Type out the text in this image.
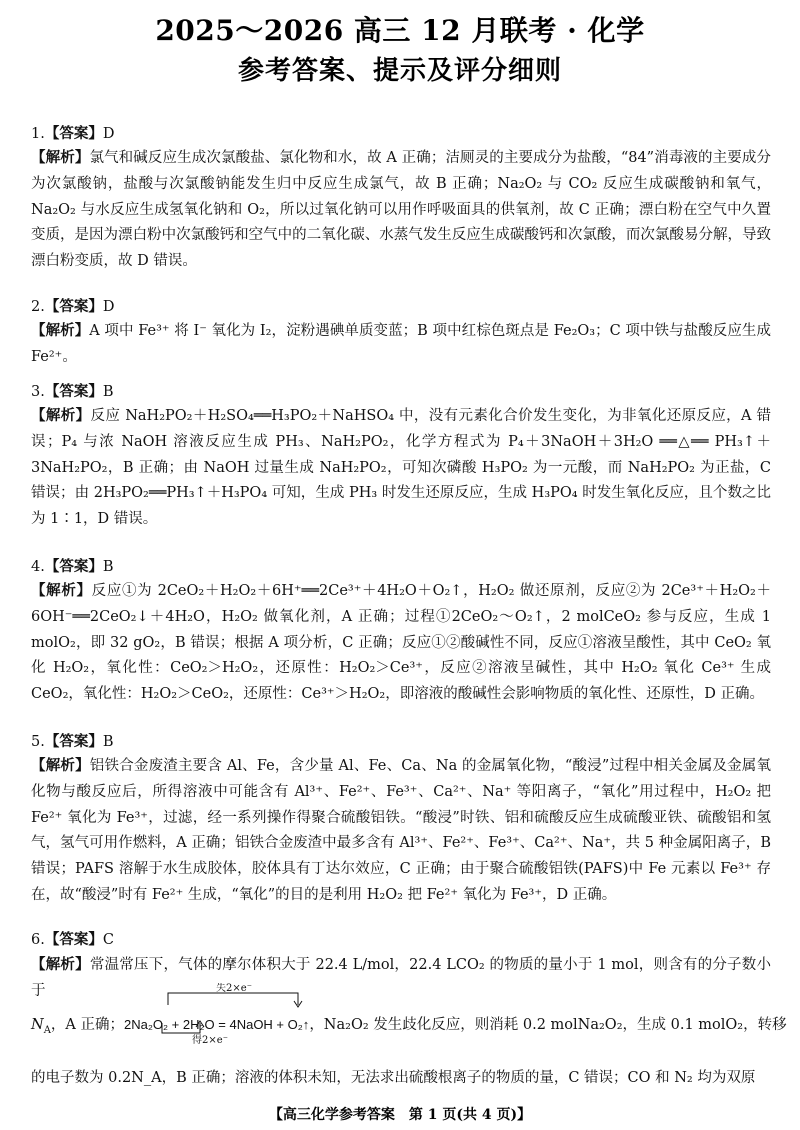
2025～2026 高三 12 月联考 · 化学
参考答案、提示及评分细则
1.【答案】D
【解析】氯气和碱反应生成次氯酸盐、氯化物和水，故 A 正确；洁厕灵的主要成分为盐酸，“84”消毒液的主要成分为次氯酸钠，盐酸与次氯酸钠能发生归中反应生成氯气，故 B 正确；Na₂O₂ 与 CO₂ 反应生成碳酸钠和氧气，Na₂O₂ 与水反应生成氢氧化钠和 O₂，所以过氧化钠可以用作呼吸面具的供氧剂，故 C 正确；漂白粉在空气中久置变质，是因为漂白粉中次氯酸钙和空气中的二氧化碳、水蒸气发生反应生成碳酸钙和次氯酸，而次氯酸易分解，导致漂白粉变质，故 D 错误。
2.【答案】D
【解析】A 项中 Fe³⁺ 将 I⁻ 氧化为 I₂，淀粉遇碘单质变蓝；B 项中红棕色斑点是 Fe₂O₃；C 项中铁与盐酸反应生成 Fe²⁺。
3.【答案】B
【解析】反应 NaH₂PO₂＋H₂SO₄══H₃PO₂＋NaHSO₄ 中，没有元素化合价发生变化，为非氧化还原反应，A 错误；P₄ 与浓 NaOH 溶液反应生成 PH₃、NaH₂PO₂，化学方程式为 P₄＋3NaOH＋3H₂O ══△══ PH₃↑＋3NaH₂PO₂，B 正确；由 NaOH 过量生成 NaH₂PO₂，可知次磷酸 H₃PO₂ 为一元酸，而 NaH₂PO₂ 为正盐，C 错误；由 2H₃PO₂══PH₃↑＋H₃PO₄ 可知，生成 PH₃ 时发生还原反应，生成 H₃PO₄ 时发生氧化反应，且个数之比为 1∶1，D 错误。
4.【答案】B
【解析】反应①为 2CeO₂＋H₂O₂＋6H⁺══2Ce³⁺＋4H₂O＋O₂↑，H₂O₂ 做还原剂，反应②为 2Ce³⁺＋H₂O₂＋6OH⁻══2CeO₂↓＋4H₂O，H₂O₂ 做氧化剂，A 正确；过程①2CeO₂～O₂↑，2 molCeO₂ 参与反应，生成 1 molO₂，即 32 gO₂，B 错误；根据 A 项分析，C 正确；反应①②酸碱性不同，反应①溶液呈酸性，其中 CeO₂ 氧化 H₂O₂，氧化性：CeO₂＞H₂O₂，还原性：H₂O₂＞Ce³⁺，反应②溶液呈碱性，其中 H₂O₂ 氧化 Ce³⁺ 生成 CeO₂，氧化性：H₂O₂＞CeO₂，还原性：Ce³⁺＞H₂O₂，即溶液的酸碱性会影响物质的氧化性、还原性，D 正确。
5.【答案】B
【解析】铝铁合金废渣主要含 Al、Fe，含少量 Al、Fe、Ca、Na 的金属氧化物，“酸浸”过程中相关金属及金属氧化物与酸反应后，所得溶液中可能含有 Al³⁺、Fe²⁺、Fe³⁺、Ca²⁺、Na⁺ 等阳离子，“氧化”用过程中，H₂O₂ 把 Fe²⁺ 氧化为 Fe³⁺，过滤，经一系列操作得聚合硫酸铝铁。“酸浸”时铁、铝和硫酸反应生成硫酸亚铁、硫酸铝和氢气，氢气可用作燃料，A 正确；铝铁合金废渣中最多含有 Al³⁺、Fe²⁺、Fe³⁺、Ca²⁺、Na⁺，共 5 种金属阳离子，B 错误；PAFS 溶解于水生成胶体，胶体具有丁达尔效应，C 正确；由于聚合硫酸铝铁(PAFS)中 Fe 元素以 Fe³⁺ 存在，故“酸浸”时有 Fe²⁺ 生成，“氧化”的目的是利用 H₂O₂ 把 Fe²⁺ 氧化为 Fe³⁺，D 正确。
6.【答案】C
【解析】常温常压下，气体的摩尔体积大于 22.4 L/mol，22.4 LCO₂ 的物质的量小于 1 mol，则含有的分子数小于	失2×e⁻
得2×e⁻
$N_A$，A 正确；2Na₂O₂ + 2H₂O = 4NaOH + O₂↑，Na₂O₂ 发生歧化反应，则消耗 0.2 molNa₂O₂，生成 0.1 molO₂，转移
的电子数为 0.2N_A，B 正确；溶液的体积未知，无法求出硫酸根离子的物质的量，C 错误；CO 和 N₂ 均为双原
【高三化学参考答案　第 1 页(共 4 页)】
